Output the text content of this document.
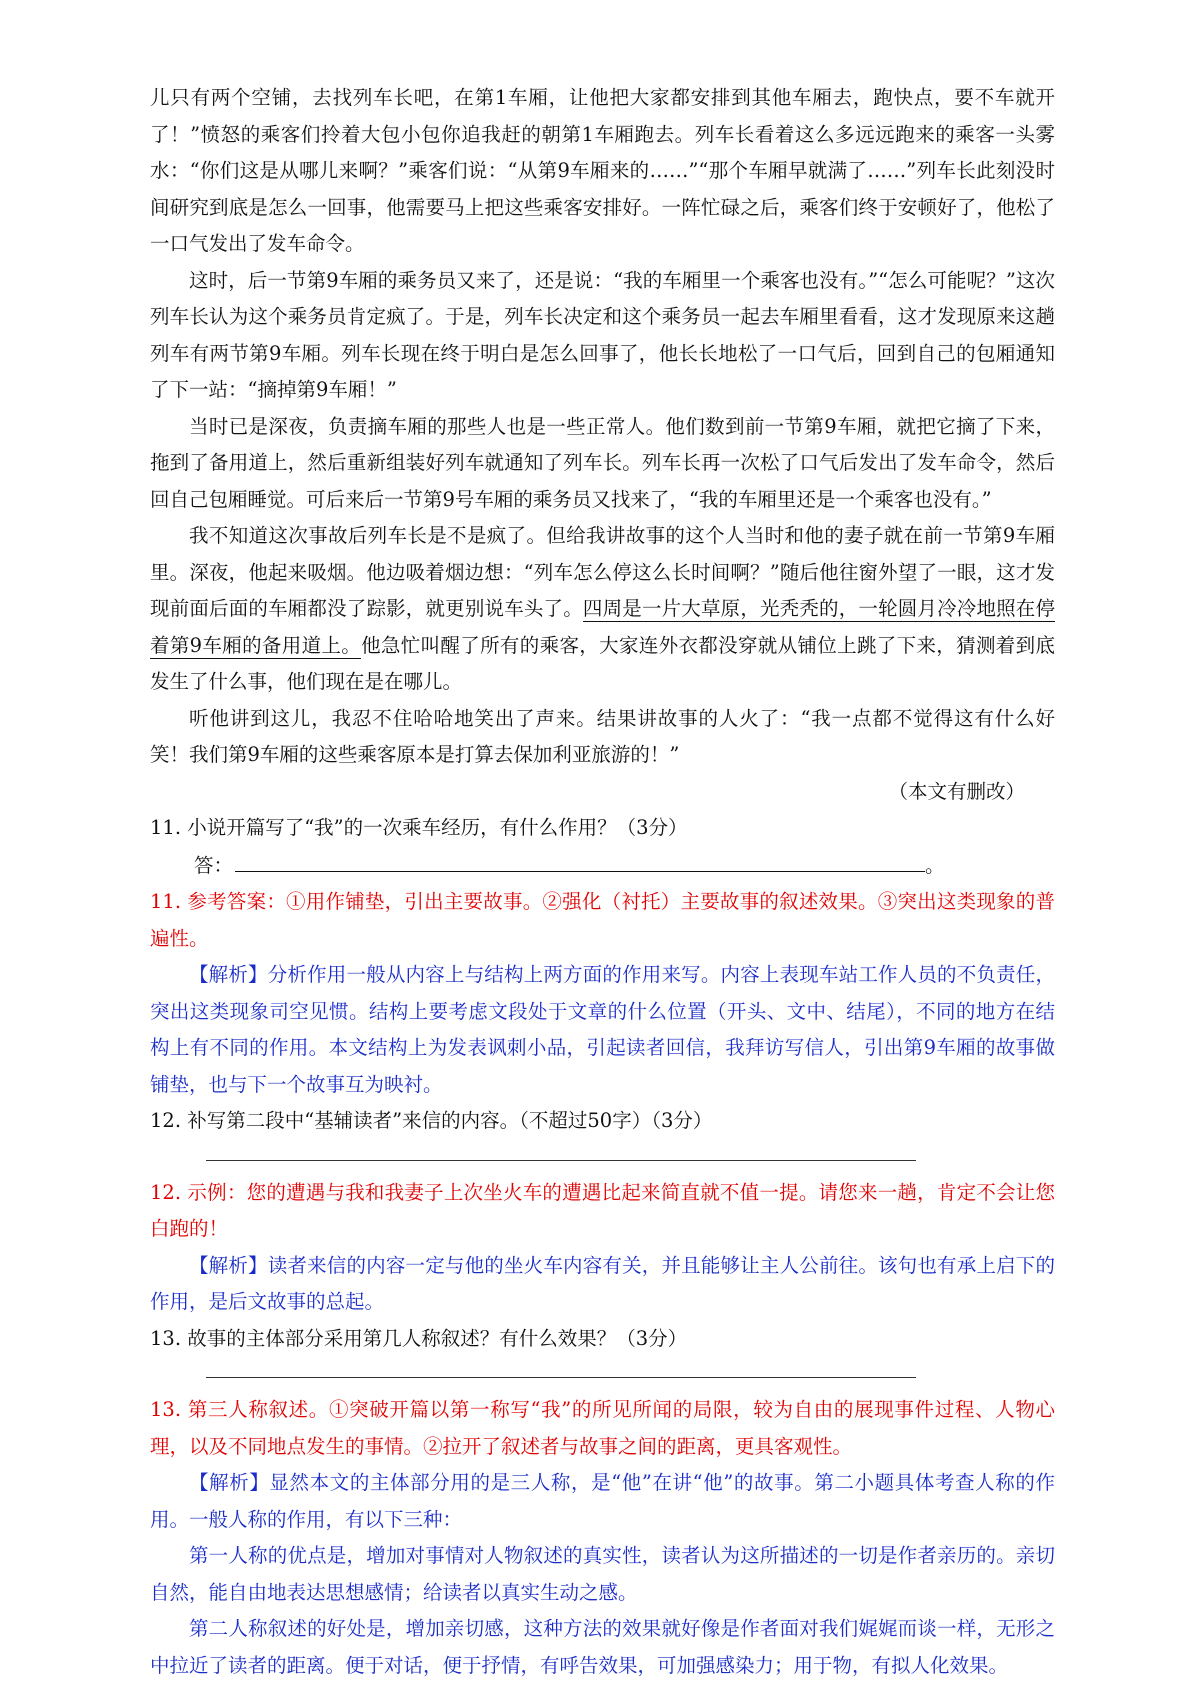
儿只有两个空铺，去找列车长吧，在第1车厢，让他把大家都安排到其他车厢去，跑快点，要不车就开了！”愤怒的乘客们拎着大包小包你追我赶的朝第1车厢跑去。列车长看着这么多远远跑来的乘客一头雾水：“你们这是从哪儿来啊？”乘客们说：“从第9车厢来的……”“那个车厢早就满了……”列车长此刻没时间研究到底是怎么一回事，他需要马上把这些乘客安排好。一阵忙碌之后，乘客们终于安顿好了，他松了一口气发出了发车命令。

这时，后一节第9车厢的乘务员又来了，还是说：“我的车厢里一个乘客也没有。”“怎么可能呢？”这次列车长认为这个乘务员肯定疯了。于是，列车长决定和这个乘务员一起去车厢里看看，这才发现原来这趟列车有两节第9车厢。列车长现在终于明白是怎么回事了，他长长地松了一口气后，回到自己的包厢通知了下一站：“摘掉第9车厢！”

当时已是深夜，负责摘车厢的那些人也是一些正常人。他们数到前一节第9车厢，就把它摘了下来，拖到了备用道上，然后重新组装好列车就通知了列车长。列车长再一次松了口气后发出了发车命令，然后回自己包厢睡觉。可后来后一节第9号车厢的乘务员又找来了，“我的车厢里还是一个乘客也没有。”

我不知道这次事故后列车长是不是疯了。但给我讲故事的这个人当时和他的妻子就在前一节第9车厢里。深夜，他起来吸烟。他边吸着烟边想：“列车怎么停这么长时间啊？”随后他往窗外望了一眼，这才发现前面后面的车厢都没了踪影，就更别说车头了。四周是一片大草原，光秃秃的，一轮圆月冷冷地照在停着第9车厢的备用道上。他急忙叫醒了所有的乘客，大家连外衣都没穿就从铺位上跳了下来，猜测着到底发生了什么事，他们现在是在哪儿。

听他讲到这儿，我忍不住哈哈地笑出了声来。结果讲故事的人火了：“我一点都不觉得这有什么好笑！我们第9车厢的这些乘客原本是打算去保加利亚旅游的！”

（本文有删改）

11. 小说开篇写了“我”的一次乘车经历，有什么作用？（3分）

答：	。

11. 参考答案：①用作铺垫，引出主要故事。②强化（衬托）主要故事的叙述效果。③突出这类现象的普遍性。

【解析】分析作用一般从内容上与结构上两方面的作用来写。内容上表现车站工作人员的不负责任，突出这类现象司空见惯。结构上要考虑文段处于文章的什么位置（开头、文中、结尾），不同的地方在结构上有不同的作用。本文结构上为发表讽刺小品，引起读者回信，我拜访写信人，引出第9车厢的故事做铺垫，也与下一个故事互为映衬。

12. 补写第二段中“基辅读者”来信的内容。（不超过50字）（3分）

12. 示例：您的遭遇与我和我妻子上次坐火车的遭遇比起来简直就不值一提。请您来一趟，肯定不会让您白跑的！

【解析】读者来信的内容一定与他的坐火车内容有关，并且能够让主人公前往。该句也有承上启下的作用，是后文故事的总起。

13. 故事的主体部分采用第几人称叙述？有什么效果？（3分）

13. 第三人称叙述。①突破开篇以第一称写“我”的所见所闻的局限，较为自由的展现事件过程、人物心理，以及不同地点发生的事情。②拉开了叙述者与故事之间的距离，更具客观性。

【解析】显然本文的主体部分用的是三人称，是“他”在讲“他”的故事。第二小题具体考查人称的作用。一般人称的作用，有以下三种：

第一人称的优点是，增加对事情对人物叙述的真实性，读者认为这所描述的一切是作者亲历的。亲切自然，能自由地表达思想感情；给读者以真实生动之感。

第二人称叙述的好处是，增加亲切感，这种方法的效果就好像是作者面对我们娓娓而谈一样，无形之中拉近了读者的距离。便于对话，便于抒情，有呼告效果，可加强感染力；用于物，有拟人化效果。
